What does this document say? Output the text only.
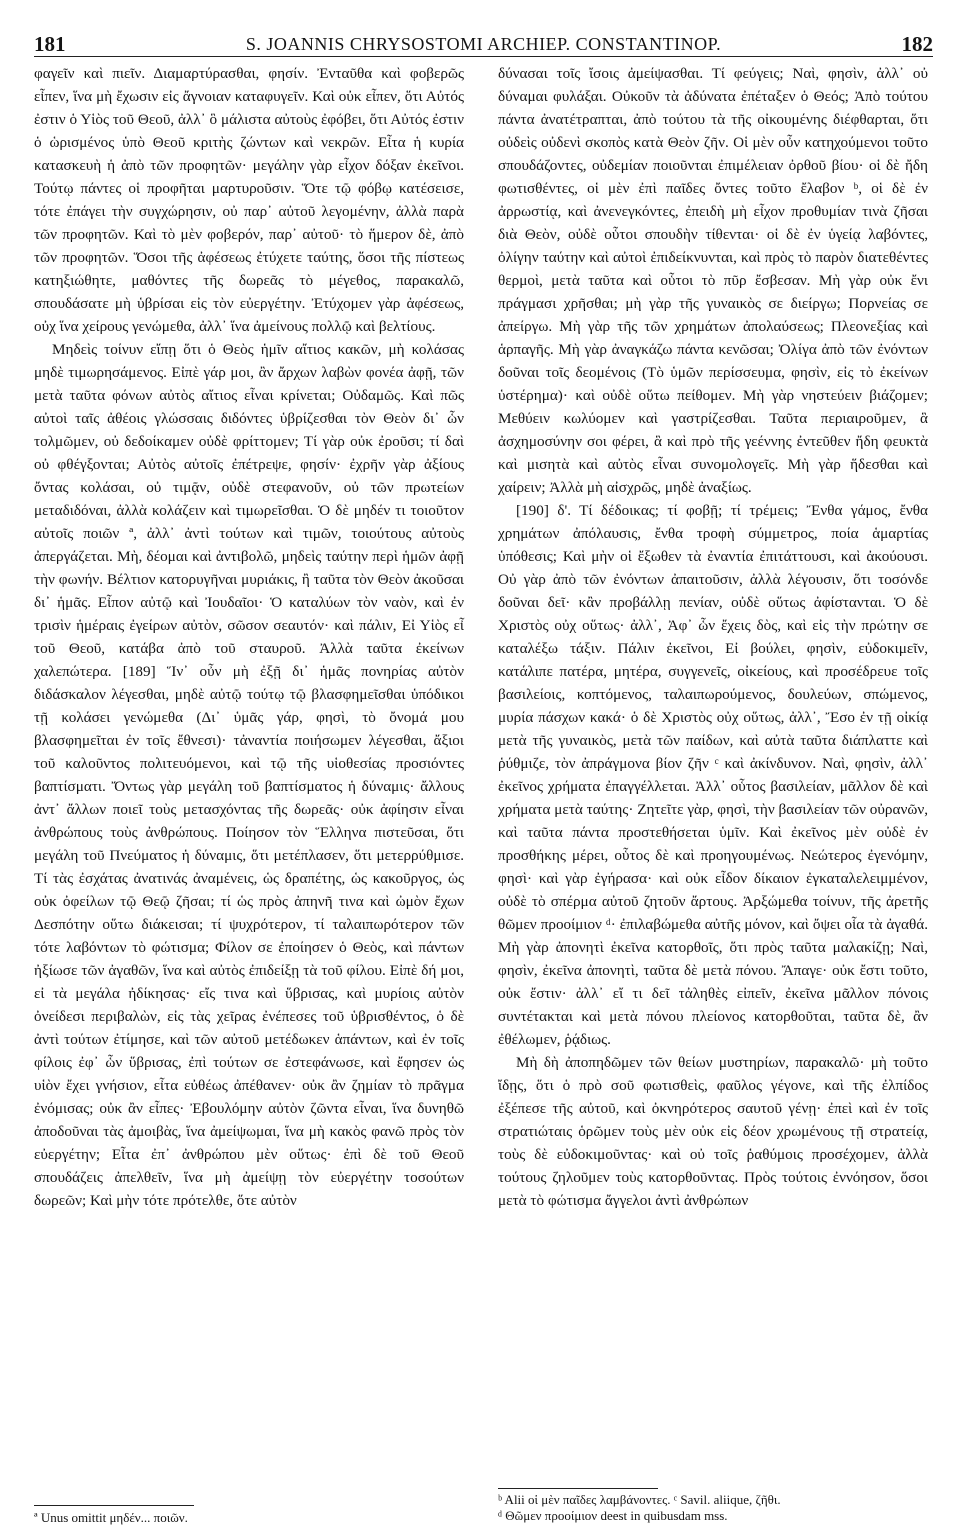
181	S. JOANNIS CHRYSOSTOMI ARCHIEP. CONSTANTINOP.	182

φαγεῖν καὶ πιεῖν. Διαμαρτύρασθαι, φησίν. Ἐνταῦθα καὶ φοβερῶς εἶπεν, ἵνα μὴ ἔχωσιν εἰς ἄγνοιαν καταφυγεῖν. Καὶ οὐκ εἶπεν, ὅτι Αὐτός ἐστιν ὁ Υἱὸς τοῦ Θεοῦ, ἀλλ᾽ ὃ μάλιστα αὐτοὺς ἐφόβει, ὅτι Αὐτός ἐστιν ὁ ὡρισμένος ὑπὸ Θεοῦ κριτὴς ζώντων καὶ νεκρῶν. Εἶτα ἡ κυρία κατασκευὴ ἡ ἀπὸ τῶν προφητῶν· μεγάλην γὰρ εἶχον δόξαν ἐκεῖνοι. Τούτῳ πάντες οἱ προφῆται μαρτυροῦσιν. Ὅτε τῷ φόβῳ κατέσεισε, τότε ἐπάγει τὴν συγχώρησιν, οὐ παρ᾽ αὐτοῦ λεγομένην, ἀλλὰ παρὰ τῶν προφητῶν. Καὶ τὸ μὲν φοβερόν, παρ᾽ αὐτοῦ· τὸ ἥμερον δὲ, ἀπὸ τῶν προφητῶν. Ὅσοι τῆς ἀφέσεως ἐτύχετε ταύτης, ὅσοι τῆς πίστεως κατηξιώθητε, μαθόντες τῆς δωρεᾶς τὸ μέγεθος, παρακαλῶ, σπουδάσατε μὴ ὑβρίσαι εἰς τὸν εὐεργέτην. Ἐτύχομεν γὰρ ἀφέσεως, οὐχ ἵνα χείρους γενώμεθα, ἀλλ᾽ ἵνα ἀμείνους πολλῷ καὶ βελτίους.

Μηδεὶς τοίνυν εἴπῃ ὅτι ὁ Θεὸς ἡμῖν αἴτιος κακῶν, μὴ κολάσας μηδὲ τιμωρησάμενος. Εἰπὲ γάρ μοι, ἂν ἄρχων λαβὼν φονέα ἀφῇ, τῶν μετὰ ταῦτα φόνων αὐτὸς αἴτιος εἶναι κρίνεται; Οὐδαμῶς. Καὶ πῶς αὐτοὶ ταῖς ἀθέοις γλώσσαις διδόντες ὑβρίζεσθαι τὸν Θεὸν δι᾽ ὧν τολμῶμεν, οὐ δεδοίκαμεν οὐδὲ φρίττομεν; Τί γὰρ οὐκ ἐροῦσι; τί δαὶ οὐ φθέγξονται; Αὐτὸς αὐτοῖς ἐπέτρεψε, φησίν· ἐχρῆν γὰρ ἀξίους ὄντας κολάσαι, οὐ τιμᾷν, οὐδὲ στεφανοῦν, οὐ τῶν πρωτείων μεταδιδόναι, ἀλλὰ κολάζειν καὶ τιμωρεῖσθαι. Ὁ δὲ μηδέν τι τοιοῦτον αὐτοῖς ποιῶν ª, ἀλλ᾽ ἀντὶ τούτων καὶ τιμῶν, τοιούτους αὐτοὺς ἀπεργάζεται. Μὴ, δέομαι καὶ ἀντιβολῶ, μηδεὶς ταύτην περὶ ἡμῶν ἀφῇ τὴν φωνήν. Βέλτιον κατορυγῆναι μυριάκις, ἢ ταῦτα τὸν Θεὸν ἀκοῦσαι δι᾽ ἡμᾶς. Εἶπον αὐτῷ καὶ Ἰουδαῖοι· Ὁ καταλύων τὸν ναὸν, καὶ ἐν τρισὶν ἡμέραις ἐγείρων αὐτὸν, σῶσον σεαυτόν· καὶ πάλιν, Εἰ Υἱὸς εἶ τοῦ Θεοῦ, κατάβα ἀπὸ τοῦ σταυροῦ. Ἀλλὰ ταῦτα ἐκείνων χαλεπώτερα. [189] Ἵν᾽ οὖν μὴ ἐξῇ δι᾽ ἡμᾶς πονηρίας αὐτὸν διδάσκαλον λέγεσθαι, μηδὲ αὐτῷ τούτῳ τῷ βλασφημεῖσθαι ὑπόδικοι τῇ κολάσει γενώμεθα (Δι᾽ ὑμᾶς γάρ, φησὶ, τὸ ὄνομά μου βλασφημεῖται ἐν τοῖς ἔθνεσι)· τἀναντία ποιήσωμεν λέγεσθαι, ἄξιοι τοῦ καλοῦντος πολιτευόμενοι, καὶ τῷ τῆς υἱοθεσίας προσιόντες βαπτίσματι. Ὄντως γὰρ μεγάλη τοῦ βαπτίσματος ἡ δύναμις· ἄλλους ἀντ᾽ ἄλλων ποιεῖ τοὺς μετασχόντας τῆς δωρεᾶς· οὐκ ἀφίησιν εἶναι ἀνθρώπους τοὺς ἀνθρώπους. Ποίησον τὸν Ἕλληνα πιστεῦσαι, ὅτι μεγάλη τοῦ Πνεύματος ἡ δύναμις, ὅτι μετέπλασεν, ὅτι μετερρύθμισε. Τί τὰς ἐσχάτας ἀνατινάς ἀναμένεις, ὡς δραπέτης, ὡς κακοῦργος, ὡς οὐκ ὀφείλων τῷ Θεῷ ζῆσαι; τί ὡς πρὸς ἀπηνῆ τινα καὶ ὠμὸν ἔχων Δεσπότην οὕτω διάκεισαι; τί ψυχρότερον, τί ταλαιπωρότερον τῶν τότε λαβόντων τὸ φώτισμα; Φίλον σε ἐποίησεν ὁ Θεὸς, καὶ πάντων ἠξίωσε τῶν ἀγαθῶν, ἵνα καὶ αὐτὸς ἐπιδείξῃ τὰ τοῦ φίλου. Εἰπὲ δή μοι, εἰ τὰ μεγάλα ἠδίκησας· εἴς τινα καὶ ὕβρισας, καὶ μυρίοις αὐτὸν ὀνείδεσι περιβαλὼν, εἰς τὰς χεῖρας ἐνέπεσες τοῦ ὑβρισθέντος, ὁ δὲ ἀντὶ τούτων ἐτίμησε, καὶ τῶν αὐτοῦ μετέδωκεν ἁπάντων, καὶ ἐν τοῖς φίλοις ἐφ᾽ ὧν ὕβρισας, ἐπὶ τούτων σε ἐστεφάνωσε, καὶ ἔφησεν ὡς υἱὸν ἔχει γνήσιον, εἶτα εὐθέως ἀπέθανεν· οὐκ ἂν ζημίαν τὸ πρᾶγμα ἐνόμισας; οὐκ ἂν εἶπες· Ἐβουλόμην αὐτὸν ζῶντα εἶναι, ἵνα δυνηθῶ ἀποδοῦναι τὰς ἀμοιβὰς, ἵνα ἀμείψωμαι, ἵνα μὴ κακὸς φανῶ πρὸς τὸν εὐεργέτην; Εἶτα ἐπ᾽ ἀνθρώπου μὲν οὕτως· ἐπὶ δὲ τοῦ Θεοῦ σπουδάζεις ἀπελθεῖν, ἵνα μὴ ἀμείψῃ τὸν εὐεργέτην τοσούτων δωρεῶν; Καὶ μὴν τότε πρότελθε, ὅτε αὐτὸν

δύνασαι τοῖς ἴσοις ἀμείψασθαι. Τί φεύγεις; Ναὶ, φησὶν, ἀλλ᾽ οὐ δύναμαι φυλάξαι. Οὐκοῦν τὰ ἀδύνατα ἐπέταξεν ὁ Θεός; Ἀπὸ τούτου πάντα ἀνατέτραπται, ἀπὸ τούτου τὰ τῆς οἰκουμένης διέφθαρται, ὅτι οὐδεὶς οὐδενὶ σκοπὸς κατὰ Θεὸν ζῆν. Οἱ μὲν οὖν κατηχούμενοι τοῦτο σπουδάζοντες, οὐδεμίαν ποιοῦνται ἐπιμέλειαν ὀρθοῦ βίου· οἱ δὲ ἤδη φωτισθέντες, οἱ μὲν ἐπὶ παῖδες ὄντες τοῦτο ἔλαβον ᵇ, οἱ δὲ ἐν ἀρρωστίᾳ, καὶ ἀνενεγκόντες, ἐπειδὴ μὴ εἶχον προθυμίαν τινὰ ζῆσαι διὰ Θεὸν, οὐδὲ οὗτοι σπουδὴν τίθενται· οἱ δὲ ἐν ὑγείᾳ λαβόντες, ὀλίγην ταύτην καὶ αὐτοὶ ἐπιδείκνυνται, καὶ πρὸς τὸ παρὸν διατεθέντες θερμοὶ, μετὰ ταῦτα καὶ οὗτοι τὸ πῦρ ἔσβεσαν. Μὴ γὰρ οὐκ ἔνι πράγμασι χρῆσθαι; μὴ γὰρ τῆς γυναικὸς σε διείργω; Πορνείας σε ἀπείργω. Μὴ γὰρ τῆς τῶν χρημάτων ἀπολαύσεως; Πλεονεξίας καὶ ἁρπαγῆς. Μὴ γὰρ ἀναγκάζω πάντα κενῶσαι; Ὀλίγα ἀπὸ τῶν ἐνόντων δοῦναι τοῖς δεομένοις (Τὸ ὑμῶν περίσσευμα, φησὶν, εἰς τὸ ἐκείνων ὑστέρημα)· καὶ οὐδὲ οὕτω πείθομεν. Μὴ γὰρ νηστεύειν βιάζομεν; Μεθύειν κωλύομεν καὶ γαστρίζεσθαι. Ταῦτα περιαιροῦμεν, ἃ ἀσχημοσύνην σοι φέρει, ἃ καὶ πρὸ τῆς γεέννης ἐντεῦθεν ἤδη φευκτὰ καὶ μισητὰ καὶ αὐτὸς εἶναι συνομολογεῖς. Μὴ γὰρ ἥδεσθαι καὶ χαίρειν; Ἀλλὰ μὴ αἰσχρῶς, μηδὲ ἀναξίως.

[190] δ'. Τί δέδοικας; τί φοβῇ; τί τρέμεις; Ἔνθα γάμος, ἔνθα χρημάτων ἀπόλαυσις, ἔνθα τροφὴ σύμμετρος, ποία ἁμαρτίας ὑπόθεσις; Καὶ μὴν οἱ ἔξωθεν τὰ ἐναντία ἐπιτάττουσι, καὶ ἀκούουσι. Οὐ γὰρ ἀπὸ τῶν ἐνόντων ἀπαιτοῦσιν, ἀλλὰ λέγουσιν, ὅτι τοσόνδε δοῦναι δεῖ· κἂν προβάλλῃ πενίαν, οὐδὲ οὕτως ἀφίστανται. Ὁ δὲ Χριστὸς οὐχ οὕτως· ἀλλ᾽, Ἀφ᾽ ὧν ἔχεις δὸς, καὶ εἰς τὴν πρώτην σε καταλέξω τάξιν. Πάλιν ἐκεῖνοι, Εἰ βούλει, φησὶν, εὐδοκιμεῖν, κατάλιπε πατέρα, μητέρα, συγγενεῖς, οἰκείους, καὶ προσέδρευε τοῖς βασιλείοις, κοπτόμενος, ταλαιπωρούμενος, δουλεύων, σπώμενος, μυρία πάσχων κακά· ὁ δὲ Χριστὸς οὐχ οὕτως, ἀλλ᾽, Ἔσο ἐν τῇ οἰκίᾳ μετὰ τῆς γυναικὸς, μετὰ τῶν παίδων, καὶ αὐτὰ ταῦτα διάπλαττε καὶ ῥύθμιζε, τὸν ἀπράγμονα βίον ζῆν ᶜ καὶ ἀκίνδυνον. Ναὶ, φησὶν, ἀλλ᾽ ἐκεῖνος χρήματα ἐπαγγέλλεται. Ἀλλ᾽ οὗτος βασιλείαν, μᾶλλον δὲ καὶ χρήματα μετὰ ταύτης· Ζητεῖτε γὰρ, φησὶ, τὴν βασιλείαν τῶν οὐρανῶν, καὶ ταῦτα πάντα προστεθήσεται ὑμῖν. Καὶ ἐκεῖνος μὲν οὐδὲ ἐν προσθήκης μέρει, οὗτος δὲ καὶ προηγουμένως. Νεώτερος ἐγενόμην, φησὶ· καὶ γὰρ ἐγήρασα· καὶ οὐκ εἶδον δίκαιον ἐγκαταλελειμμένον, οὐδὲ τὸ σπέρμα αὐτοῦ ζητοῦν ἄρτους. Ἀρξώμεθα τοίνυν, τῆς ἀρετῆς θῶμεν προοίμιον ᵈ· ἐπιλαβώμεθα αὐτῆς μόνον, καὶ ὄψει οἷα τὰ ἀγαθά. Μὴ γὰρ ἀπονητὶ ἐκεῖνα κατορθοῖς, ὅτι πρὸς ταῦτα μαλακίζῃ; Ναὶ, φησὶν, ἐκεῖνα ἀπονητὶ, ταῦτα δὲ μετὰ πόνου. Ἄπαγε· οὐκ ἔστι τοῦτο, οὐκ ἔστιν· ἀλλ᾽ εἴ τι δεῖ τἀληθὲς εἰπεῖν, ἐκεῖνα μᾶλλον πόνοις συντέτακται καὶ μετὰ πόνου πλείονος κατορθοῦται, ταῦτα δὲ, ἂν ἐθέλωμεν, ῥᾴδιως.

Μὴ δὴ ἀποπηδῶμεν τῶν θείων μυστηρίων, παρακαλῶ· μὴ τοῦτο ἴδῃς, ὅτι ὁ πρὸ σοῦ φωτισθεὶς, φαῦλος γέγονε, καὶ τῆς ἐλπίδος ἐξέπεσε τῆς αὐτοῦ, καὶ ὀκνηρότερος σαυτοῦ γένῃ· ἐπεὶ καὶ ἐν τοῖς στρατιώταις ὁρῶμεν τοὺς μὲν οὐκ εἰς δέον χρωμένους τῇ στρατείᾳ, τοὺς δὲ εὐδοκιμοῦντας· καὶ οὐ τοῖς ῥαθύμοις προσέχομεν, ἀλλὰ τούτους ζηλοῦμεν τοὺς κατορθοῦντας. Πρὸς τούτοις ἐννόησον, ὅσοι μετὰ τὸ φώτισμα ἄγγελοι ἀντὶ ἀνθρώπων

ª Unus omittit μηδέν... ποιῶν.
ᵇ Alii οἱ μὲν παῖδες λαμβάνοντες. ᶜ Savil. aliique, ζῆθι.
ᵈ Θῶμεν προοίμιον deest in quibusdam mss.
